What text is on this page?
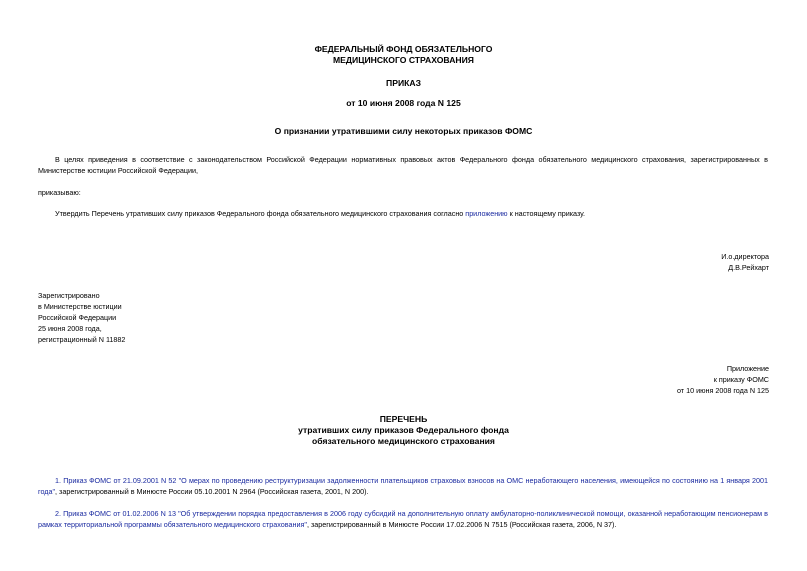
ФЕДЕРАЛЬНЫЙ ФОНД ОБЯЗАТЕЛЬНОГО
МЕДИЦИНСКОГО СТРАХОВАНИЯ
ПРИКАЗ
от 10 июня 2008 года N 125
О признании утратившими силу некоторых приказов ФОМС
В целях приведения в соответствие с законодательством Российской Федерации нормативных правовых актов Федерального фонда обязательного медицинского страхования, зарегистрированных в Министерстве юстиции Российской Федерации,
приказываю:
Утвердить Перечень утративших силу приказов Федерального фонда обязательного медицинского страхования согласно приложению к настоящему приказу.
И.о.директора
Д.В.Рейхарт
Зарегистрировано
в Министерстве юстиции
Российской Федерации
25 июня 2008 года,
регистрационный N 11882
Приложение
к приказу ФОМС
от 10 июня 2008 года N 125
ПЕРЕЧЕНЬ
утративших силу приказов Федерального фонда
обязательного медицинского страхования
1. Приказ ФОМС от 21.09.2001 N 52 "О мерах по проведению реструктуризации задолженности плательщиков страховых взносов на ОМС неработающего населения, имеющейся по состоянию на 1 января 2001 года", зарегистрированный в Минюсте России 05.10.2001 N 2964 (Российская газета, 2001, N 200).
2. Приказ ФОМС от 01.02.2006 N 13 "Об утверждении порядка предоставления в 2006 году субсидий на дополнительную оплату амбулаторно-поликлинической помощи, оказанной неработающим пенсионерам в рамках территориальной программы обязательного медицинского страхования", зарегистрированный в Минюсте России 17.02.2006 N 7515 (Российская газета, 2006, N 37).
